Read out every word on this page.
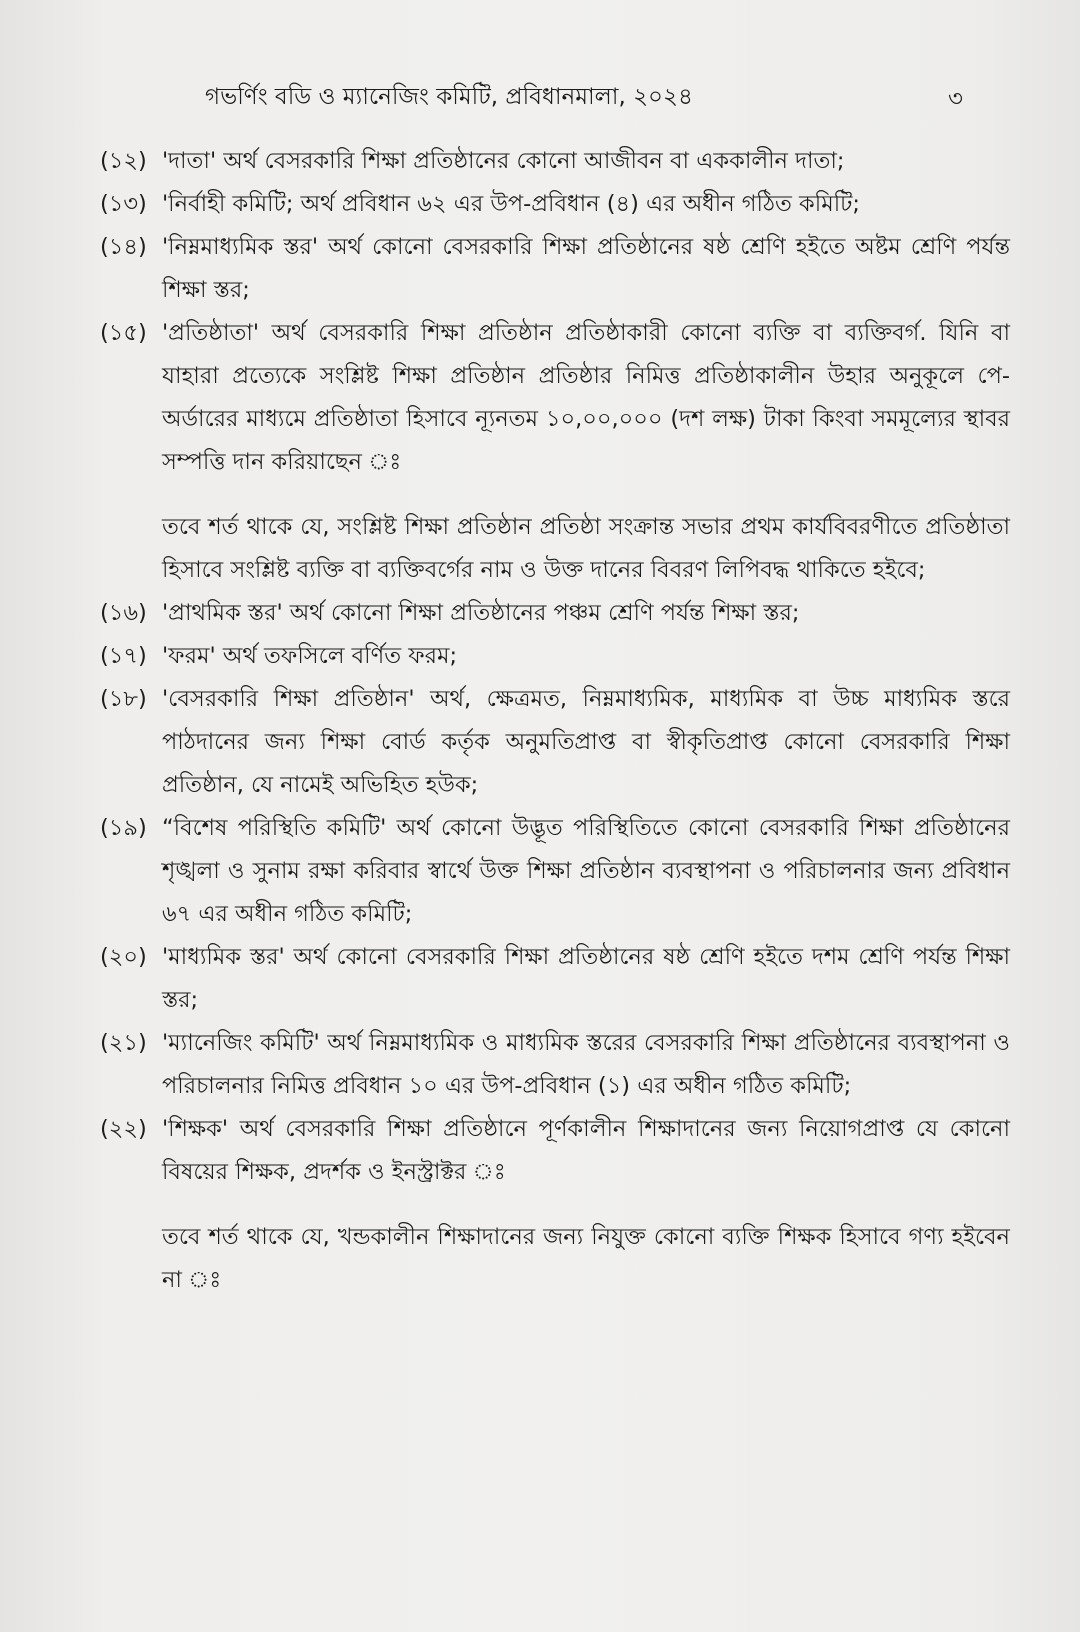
গভর্ণিং বডি ও ম্যানেজিং কমিটি, প্রবিধানমালা, ২০২৪	৩
(১২) 'দাতা' অর্থ বেসরকারি শিক্ষা প্রতিষ্ঠানের কোনো আজীবন বা এককালীন দাতা;

(১৩) 'নির্বাহী কমিটি; অর্থ প্রবিধান ৬২ এর উপ-প্রবিধান (৪) এর অধীন গঠিত কমিটি;

(১৪) 'নিম্নমাধ্যমিক স্তর' অর্থ কোনো বেসরকারি শিক্ষা প্রতিষ্ঠানের ষষ্ঠ শ্রেণি হইতে অষ্টম শ্রেণি পর্যন্ত শিক্ষা স্তর;

(১৫) 'প্রতিষ্ঠাতা' অর্থ বেসরকারি শিক্ষা প্রতিষ্ঠান প্রতিষ্ঠাকারী কোনো ব্যক্তি বা ব্যক্তিবর্গ. যিনি বা যাহারা প্রত্যেকে সংশ্লিষ্ট শিক্ষা প্রতিষ্ঠান প্রতিষ্ঠার নিমিত্ত প্রতিষ্ঠাকালীন উহার অনুকূলে পে-অর্ডারের মাধ্যমে প্রতিষ্ঠাতা হিসাবে ন্যূনতম ১০,০০,০০০ (দশ লক্ষ) টাকা কিংবা সমমূল্যের স্থাবর সম্পত্তি দান করিয়াছেন ঃ

তবে শর্ত থাকে যে, সংশ্লিষ্ট শিক্ষা প্রতিষ্ঠান প্রতিষ্ঠা সংক্রান্ত সভার প্রথম কার্যবিবরণীতে প্রতিষ্ঠাতা হিসাবে সংশ্লিষ্ট ব্যক্তি বা ব্যক্তিবর্গের নাম ও উক্ত দানের বিবরণ লিপিবদ্ধ থাকিতে হইবে;

(১৬) 'প্রাথমিক স্তর' অর্থ কোনো শিক্ষা প্রতিষ্ঠানের পঞ্চম শ্রেণি পর্যন্ত শিক্ষা স্তর;

(১৭) 'ফরম' অর্থ তফসিলে বর্ণিত ফরম;

(১৮) 'বেসরকারি শিক্ষা প্রতিষ্ঠান' অর্থ, ক্ষেত্রমত, নিম্নমাধ্যমিক, মাধ্যমিক বা উচ্চ মাধ্যমিক স্তরে পাঠদানের জন্য শিক্ষা বোর্ড কর্তৃক অনুমতিপ্রাপ্ত বা স্বীকৃতিপ্রাপ্ত কোনো বেসরকারি শিক্ষা প্রতিষ্ঠান, যে নামেই অভিহিত হউক;

(১৯) “বিশেষ পরিস্থিতি কমিটি' অর্থ কোনো উদ্ভূত পরিস্থিতিতে কোনো বেসরকারি শিক্ষা প্রতিষ্ঠানের শৃঙ্খলা ও সুনাম রক্ষা করিবার স্বার্থে উক্ত শিক্ষা প্রতিষ্ঠান ব্যবস্থাপনা ও পরিচালনার জন্য প্রবিধান ৬৭ এর অধীন গঠিত কমিটি;

(২০) 'মাধ্যমিক স্তর' অর্থ কোনো বেসরকারি শিক্ষা প্রতিষ্ঠানের ষষ্ঠ শ্রেণি হইতে দশম শ্রেণি পর্যন্ত শিক্ষা স্তর;

(২১) 'ম্যানেজিং কমিটি' অর্থ নিম্নমাধ্যমিক ও মাধ্যমিক স্তরের বেসরকারি শিক্ষা প্রতিষ্ঠানের ব্যবস্থাপনা ও পরিচালনার নিমিত্ত প্রবিধান ১০ এর উপ-প্রবিধান (১) এর অধীন গঠিত কমিটি;

(২২) 'শিক্ষক' অর্থ বেসরকারি শিক্ষা প্রতিষ্ঠানে পূর্ণকালীন শিক্ষাদানের জন্য নিয়োগপ্রাপ্ত যে কোনো বিষয়ের শিক্ষক, প্রদর্শক ও ইনস্ট্রাক্টর ঃ

তবে শর্ত থাকে যে, খন্ডকালীন শিক্ষাদানের জন্য নিযুক্ত কোনো ব্যক্তি শিক্ষক হিসাবে গণ্য হইবেন না ঃ
